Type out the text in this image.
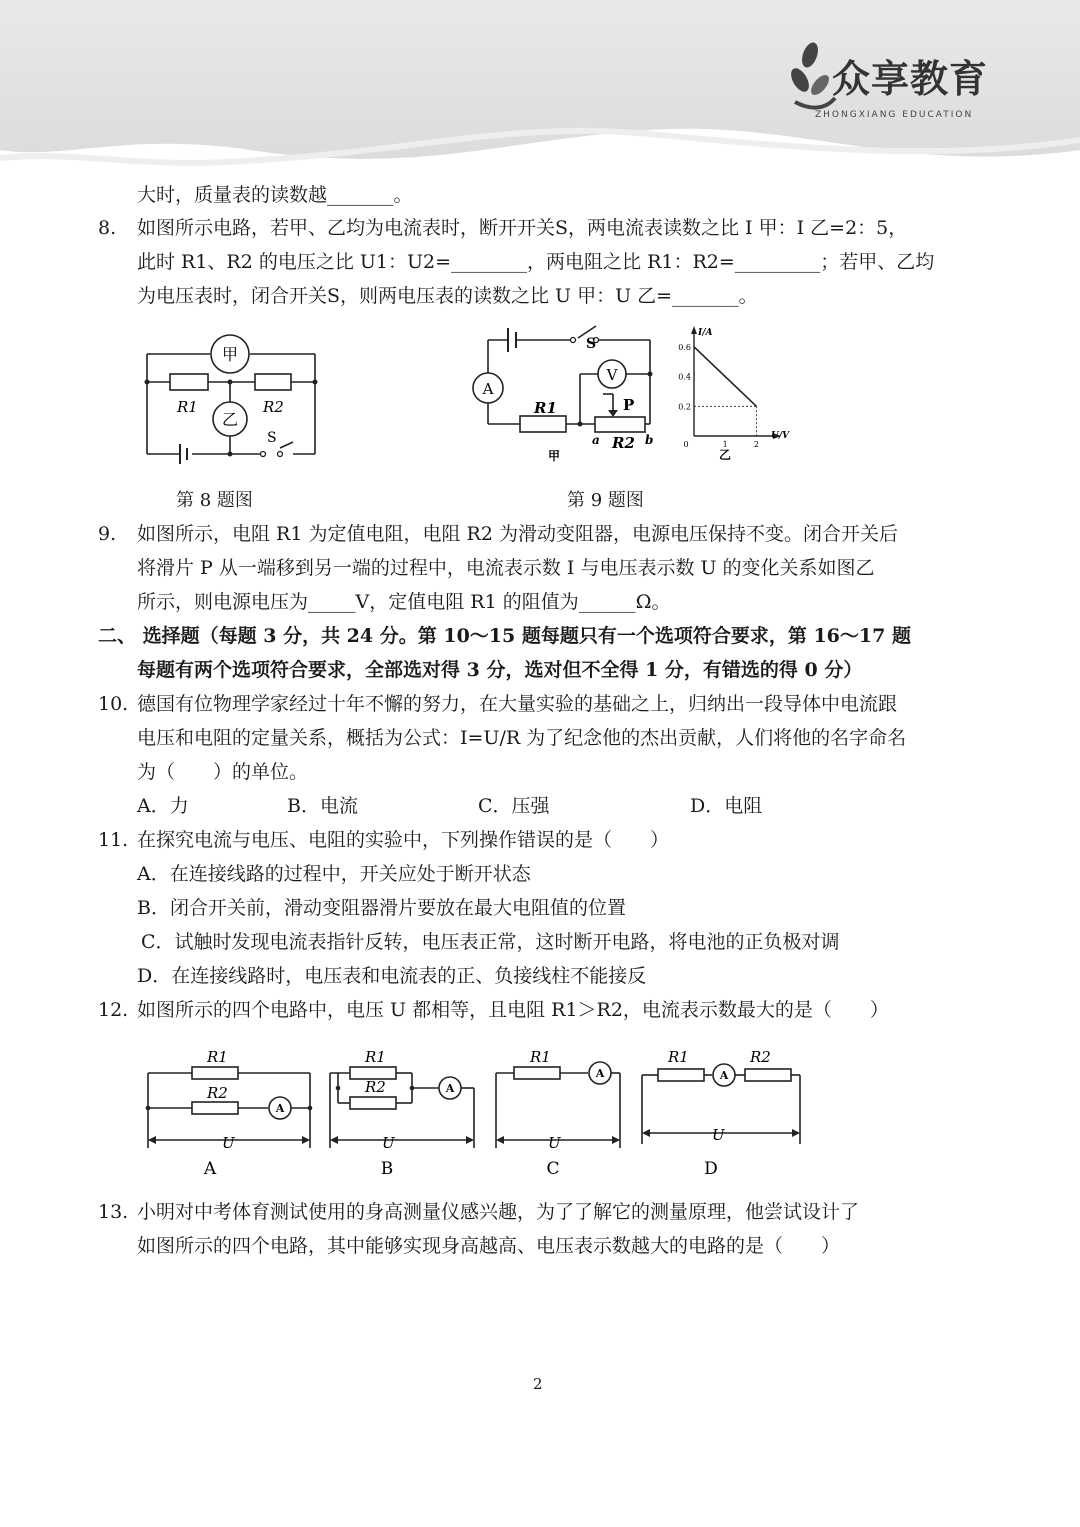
众享教育
ZHONGXIANG EDUCATION
大时，质量表的读数越_______。
8. 如图所示电路，若甲、乙均为电流表时，断开开关S，两电流表读数之比 I 甲：I 乙=2：5，
此时 R1、R2 的电压之比 U1：U2=________，两电阻之比 R1：R2=_________；若甲、乙均
为电压表时，闭合开关S，则两电压表的读数之比 U 甲：U 乙=_______。
甲
乙
R1	R2
S
第 8 题图
S
V
A
P
R1
R2
a	b
甲
I/A
U/V
0.6
0.4
0.2
0	1	2
乙
第 9 题图
9. 如图所示，电阻 R1 为定值电阻，电阻 R2 为滑动变阻器，电源电压保持不变。闭合开关后
将滑片 P 从一端移到另一端的过程中，电流表示数 I 与电压表示数 U 的变化关系如图乙
所示，则电源电压为_____V，定值电阻 R1 的阻值为______Ω。
二、 选择题（每题 3 分，共 24 分。第 10～15 题每题只有一个选项符合要求，第 16～17 题
每题有两个选项符合要求，全部选对得 3 分，选对但不全得 1 分，有错选的得 0 分）
10. 德国有位物理学家经过十年不懈的努力，在大量实验的基础之上，归纳出一段导体中电流跟
电压和电阻的定量关系，概括为公式：I=U/R 为了纪念他的杰出贡献，人们将他的名字命名
为（　　）的单位。
A．力	B．电流	C．压强	D．电阻
11. 在探究电流与电压、电阻的实验中，下列操作错误的是（　　）
A．在连接线路的过程中，开关应处于断开状态
B．闭合开关前，滑动变阻器滑片要放在最大电阻值的位置
C．试触时发现电流表指针反转，电压表正常，这时断开电路，将电池的正负极对调
D．在连接线路时，电压表和电流表的正、负接线柱不能接反
12. 如图所示的四个电路中，电压 U 都相等，且电阻 R1＞R2，电流表示数最大的是（　　）
R1
R2
U
R1
R2
U
R1
U
R1	R2
U
A
A
A	A
A	B	C	D
13. 小明对中考体育测试使用的身高测量仪感兴趣，为了了解它的测量原理，他尝试设计了
如图所示的四个电路，其中能够实现身高越高、电压表示数越大的电路的是（　　）
2
